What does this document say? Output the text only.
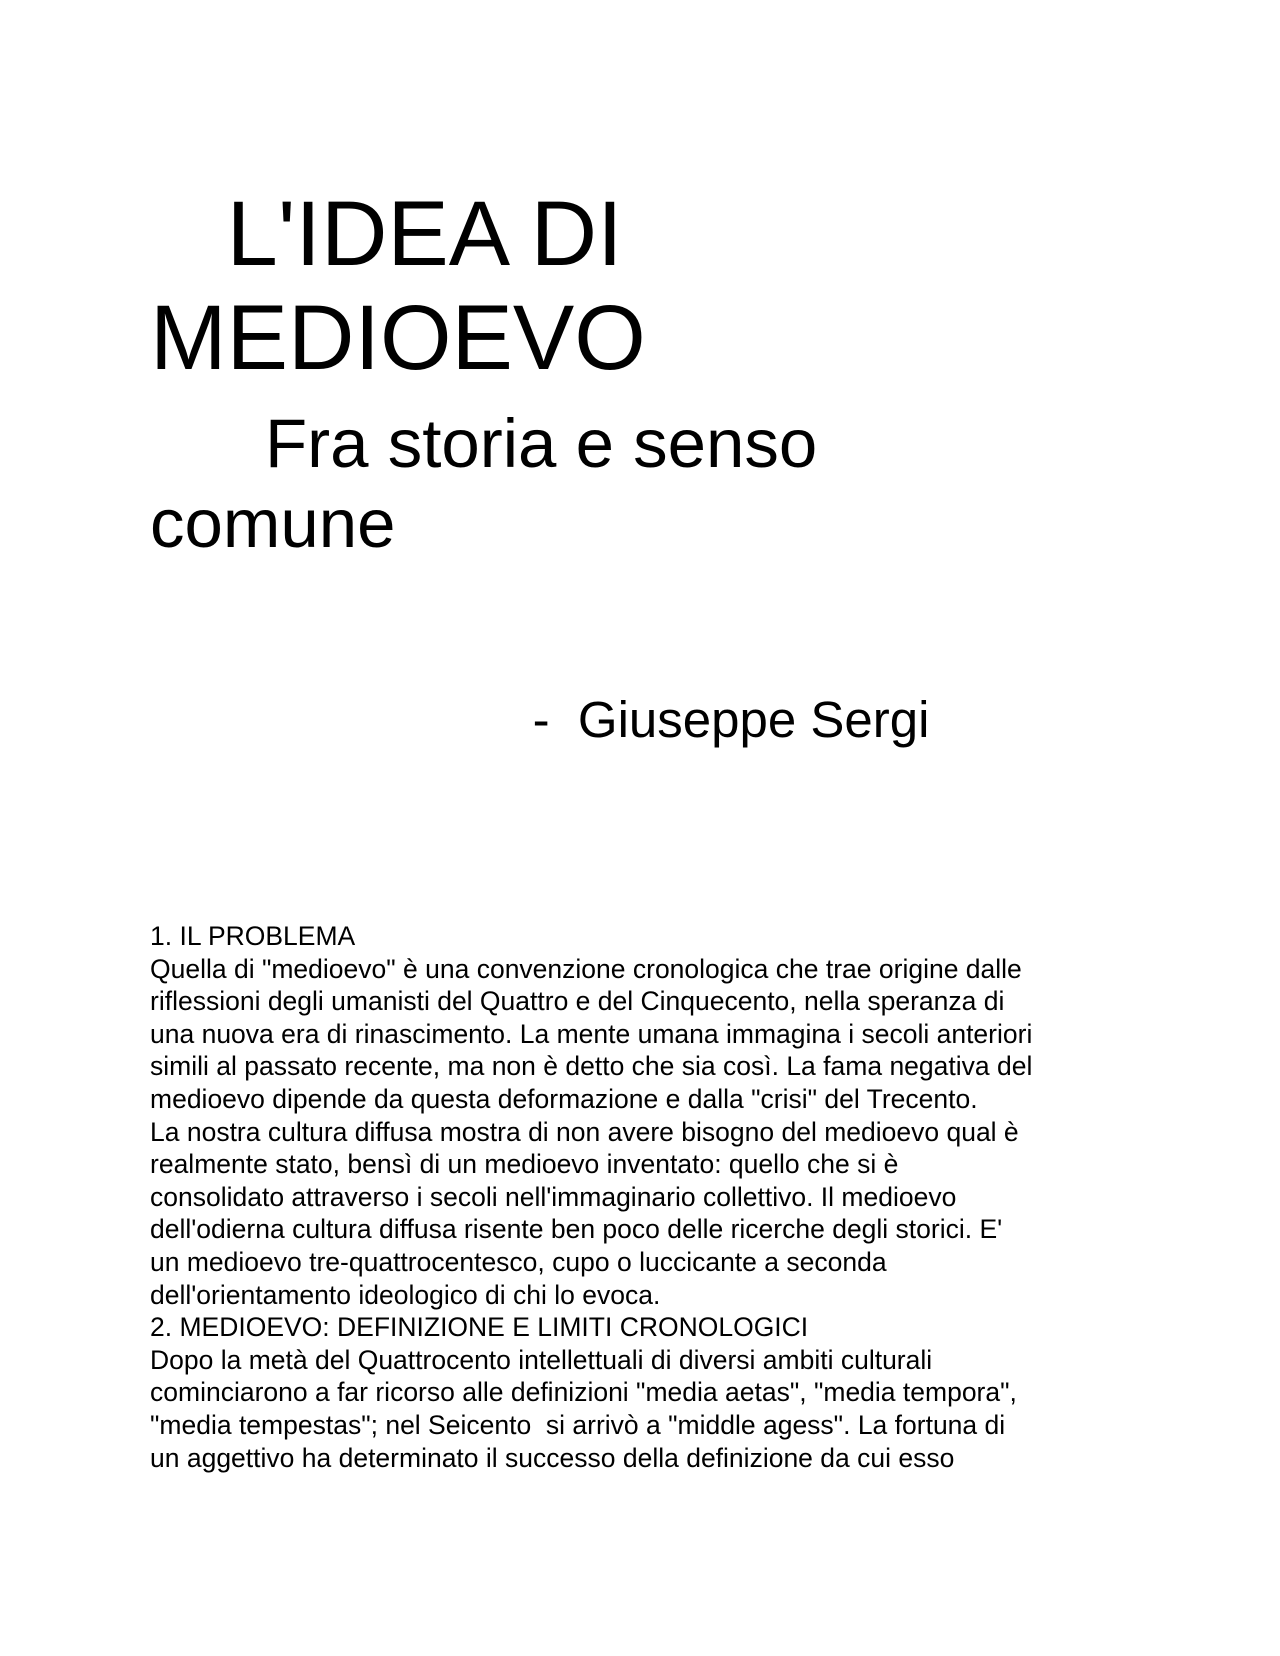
L'IDEA DI
MEDIOEVO
Fra storia e senso
comune

-  Giuseppe Sergi

1. IL PROBLEMA
Quella di "medioevo" è una convenzione cronologica che trae origine dalle
riflessioni degli umanisti del Quattro e del Cinquecento, nella speranza di
una nuova era di rinascimento. La mente umana immagina i secoli anteriori
simili al passato recente, ma non è detto che sia così. La fama negativa del
medioevo dipende da questa deformazione e dalla "crisi" del Trecento.
La nostra cultura diffusa mostra di non avere bisogno del medioevo qual è
realmente stato, bensì di un medioevo inventato: quello che si è
consolidato attraverso i secoli nell'immaginario collettivo. Il medioevo
dell'odierna cultura diffusa risente ben poco delle ricerche degli storici. E'
un medioevo tre-quattrocentesco, cupo o luccicante a seconda
dell'orientamento ideologico di chi lo evoca.
2. MEDIOEVO: DEFINIZIONE E LIMITI CRONOLOGICI
Dopo la metà del Quattrocento intellettuali di diversi ambiti culturali
cominciarono a far ricorso alle definizioni "media aetas", "media tempora",
"media tempestas"; nel Seicento  si arrivò a "middle agess". La fortuna di
un aggettivo ha determinato il successo della definizione da cui esso
